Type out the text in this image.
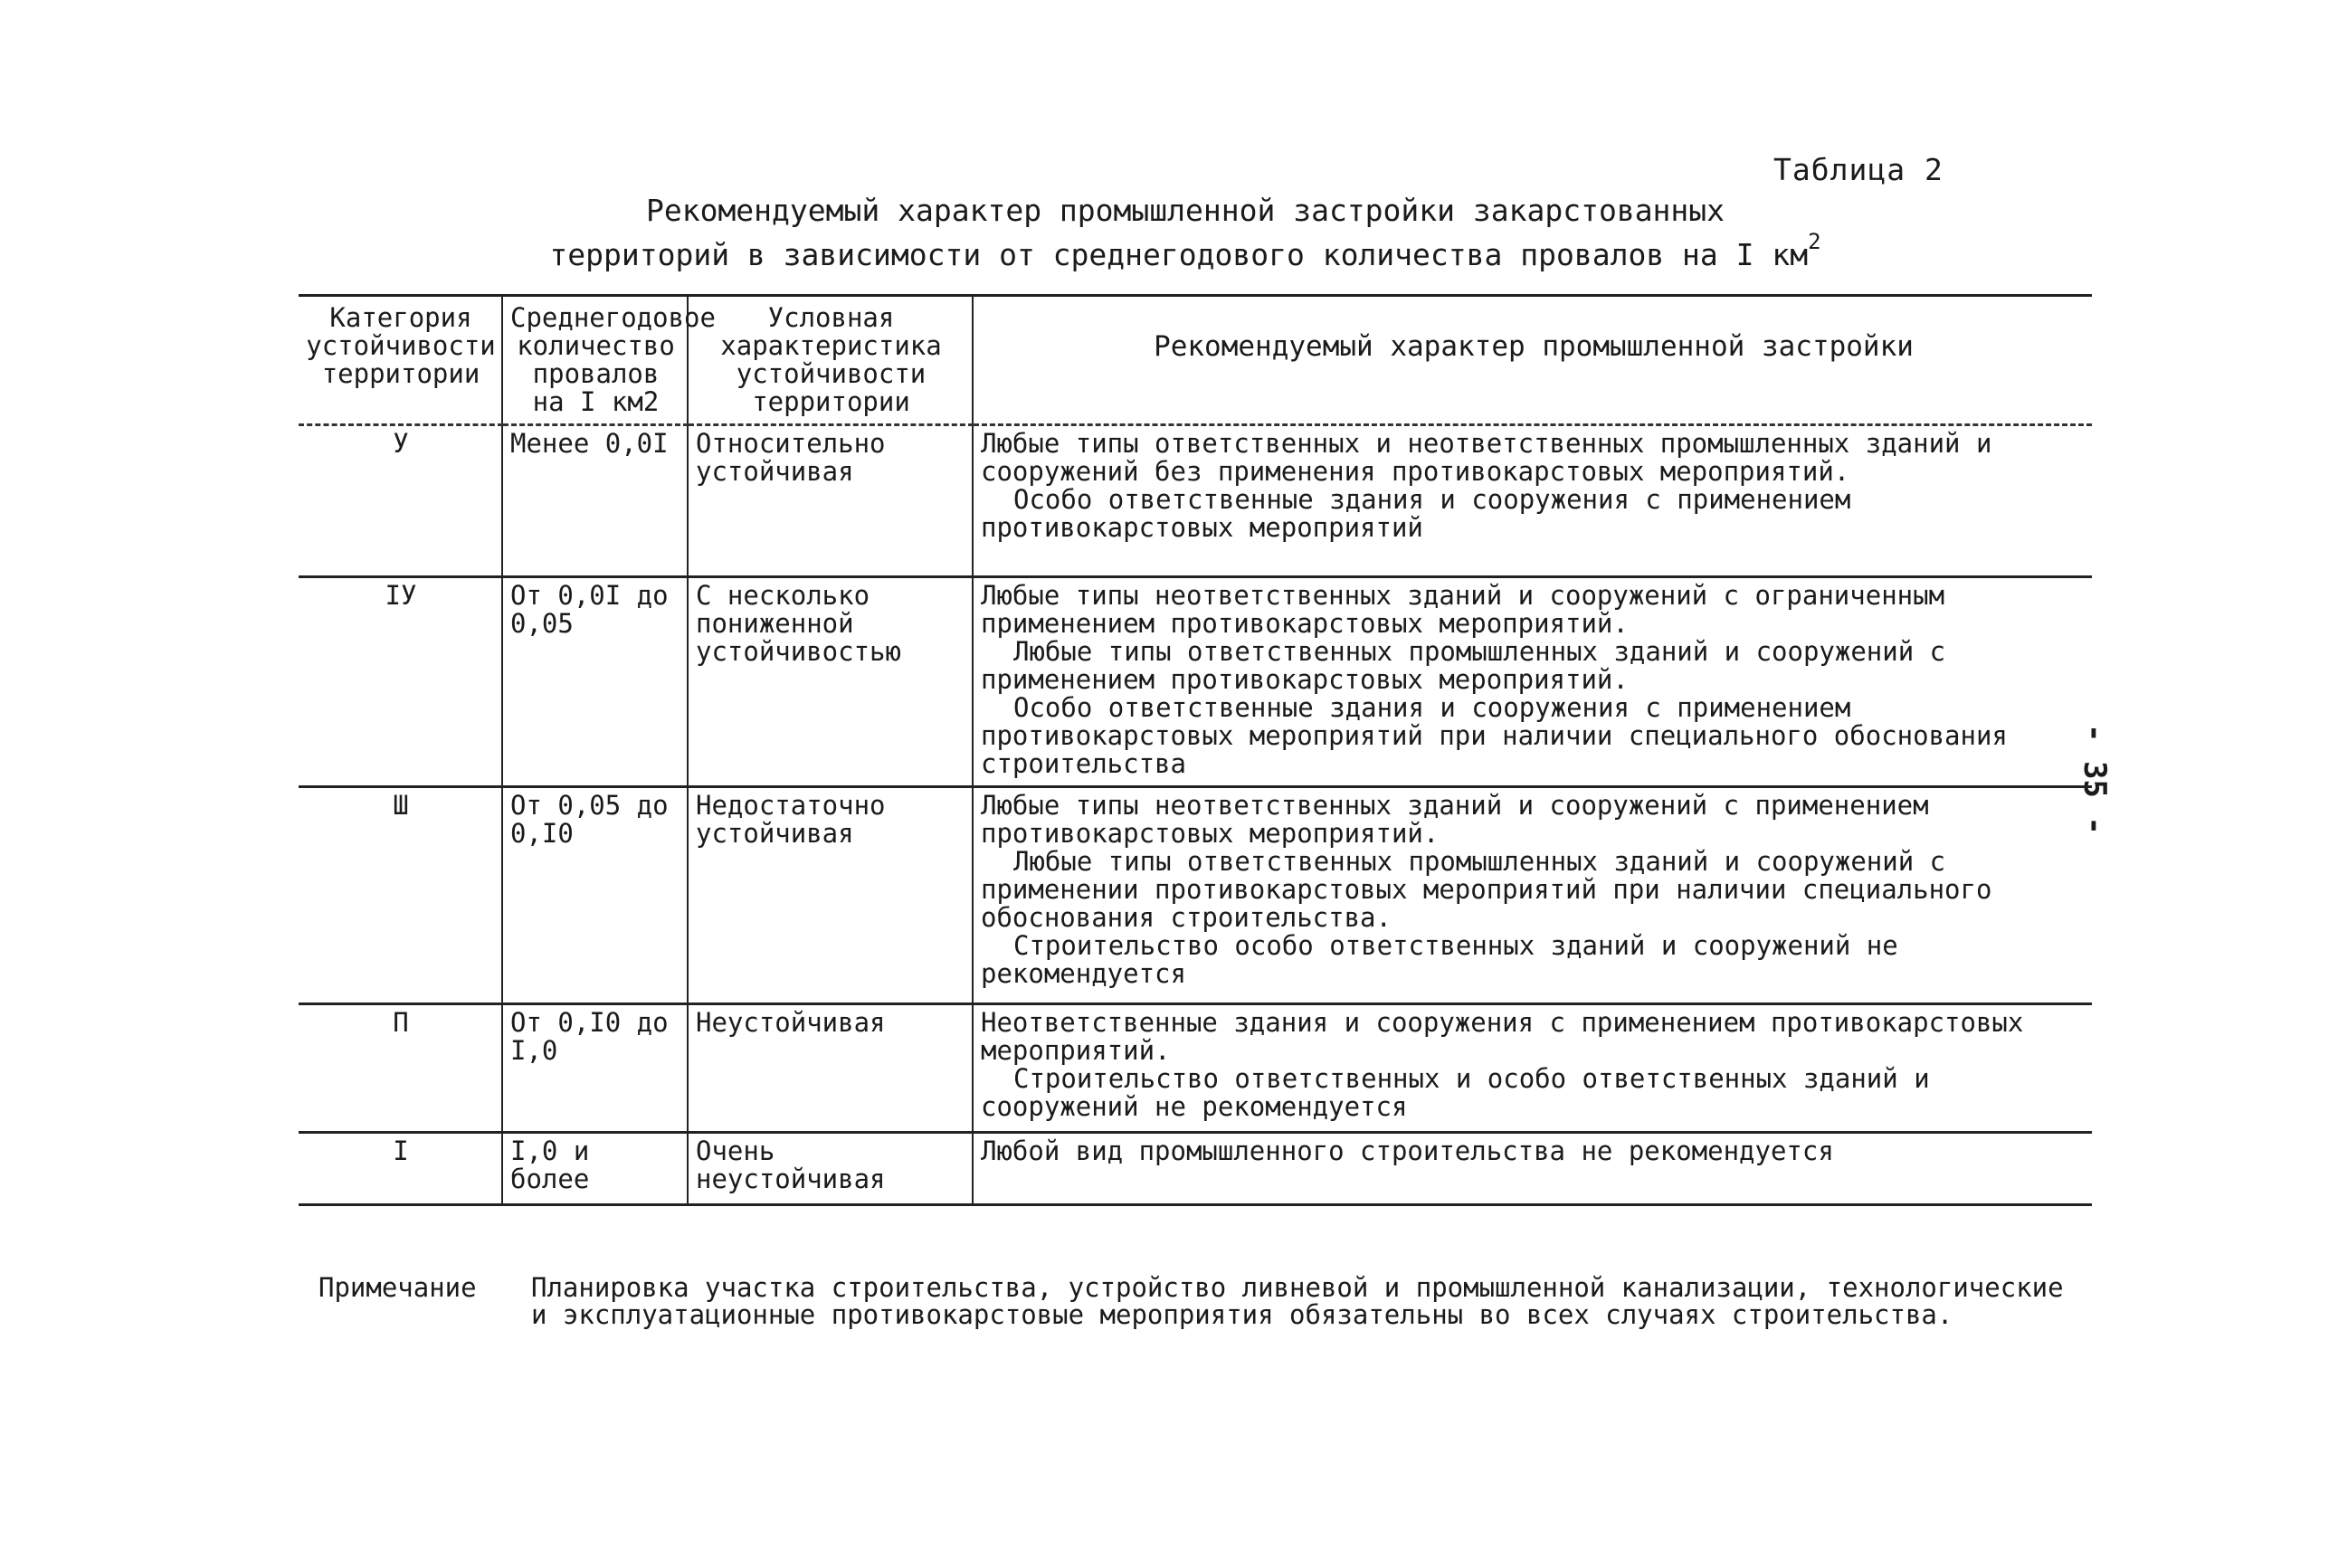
Таблица 2
Рекомендуемый характер промышленной застройки закарстованных
территорий в зависимости от среднегодового количества провалов на I $км^2$
- 35 -
Категория устойчивости территории	Среднегодовое количество провалов на I км2	Условная характеристика устойчивости территории	Рекомендуемый характер промышленной застройки
У	Менее 0,0I	Относительно устойчивая	Любые типы ответственных и неответственных промышленных зданий и сооружений без применения противокарстовых мероприятий.
Особо ответственные здания и сооружения с применением противокарстовых мероприятий

IУ	От 0,0I до 0,05	С несколько пониженной устойчивостью	Любые типы неответственных зданий и сооружений с ограниченным применением противокарстовых мероприятий.
Любые типы ответственных промышленных зданий и сооружений с применением противокарстовых мероприятий.
Особо ответственные здания и сооружения с применением противокарстовых мероприятий при наличии специального обоснования строительства

Ш	От 0,05 до 0,I0	Недостаточно устойчивая	Любые типы неответственных зданий и сооружений с применением противокарстовых мероприятий.
Любые типы ответственных промышленных зданий и сооружений с применении противокарстовых мероприятий при наличии специального обоснования строительства.
Строительство особо ответственных зданий и сооружений не рекомендуется

П	От 0,I0 до I,0	Неустойчивая	Неответственные здания и сооружения с применением противокарстовых мероприятий.
Строительство ответственных и особо ответственных зданий и сооружений не рекомендуется

I	I,0 и более	Очень неустойчивая	Любой вид промышленного строительства не рекомендуется
Примечание	Планировка участка строительства, устройство ливневой и промышленной канализации, технологические и эксплуатационные противокарстовые мероприятия обязательны во всех случаях строительства.
